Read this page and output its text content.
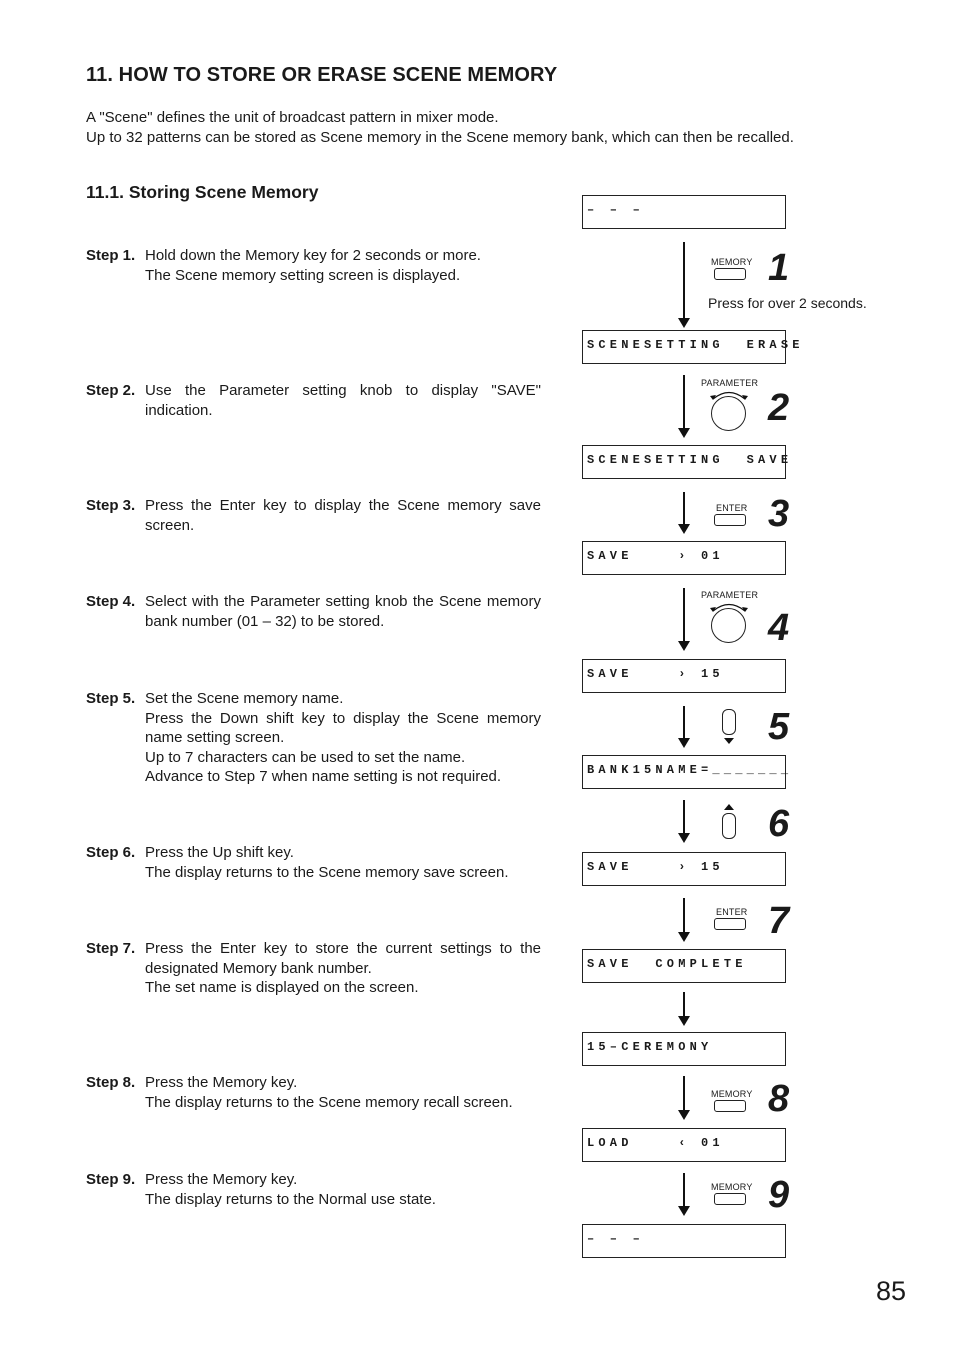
11. HOW TO STORE OR ERASE SCENE MEMORY
A "Scene" defines the unit of broadcast pattern in mixer mode.
Up to 32 patterns can be stored as Scene memory in the Scene memory bank, which can then be recalled.
11.1. Storing Scene Memory
Step 1. Hold down the Memory key for 2 seconds or more.
The Scene memory setting screen is displayed.
Step 2. Use the Parameter setting knob to display "SAVE" indication.
Step 3. Press the Enter key to display the Scene memory save screen.
Step 4. Select with the Parameter setting knob the Scene memory bank number (01 – 32) to be stored.
Step 5. Set the Scene memory name.
Press the Down shift key to display the Scene memory name setting screen.
Up to 7 characters can be used to set the name.
Advance to Step 7 when name setting is not required.
Step 6. Press the Up shift key.
The display returns to the Scene memory save screen.
Step 7. Press the Enter key to store the current settings to the designated Memory bank number.
The set name is displayed on the screen.
Step 8. Press the Memory key.
The display returns to the Scene memory recall screen.
Step 9. Press the Memory key.
The display returns to the Normal use state.
– – –
SCENESETTING  ERASE
SCENESETTING  SAVE
SAVE    › 01
SAVE    › 15
BANK15NAME=_______
SAVE    › 15
SAVE  COMPLETE
15–CEREMONY
LOAD    ‹ 01
– – –
MEMORY 1
Press for over 2 seconds.
PARAMETER
2
ENTER 3
PARAMETER
4
5
6
ENTER 7
MEMORY 8
MEMORY 9
85
